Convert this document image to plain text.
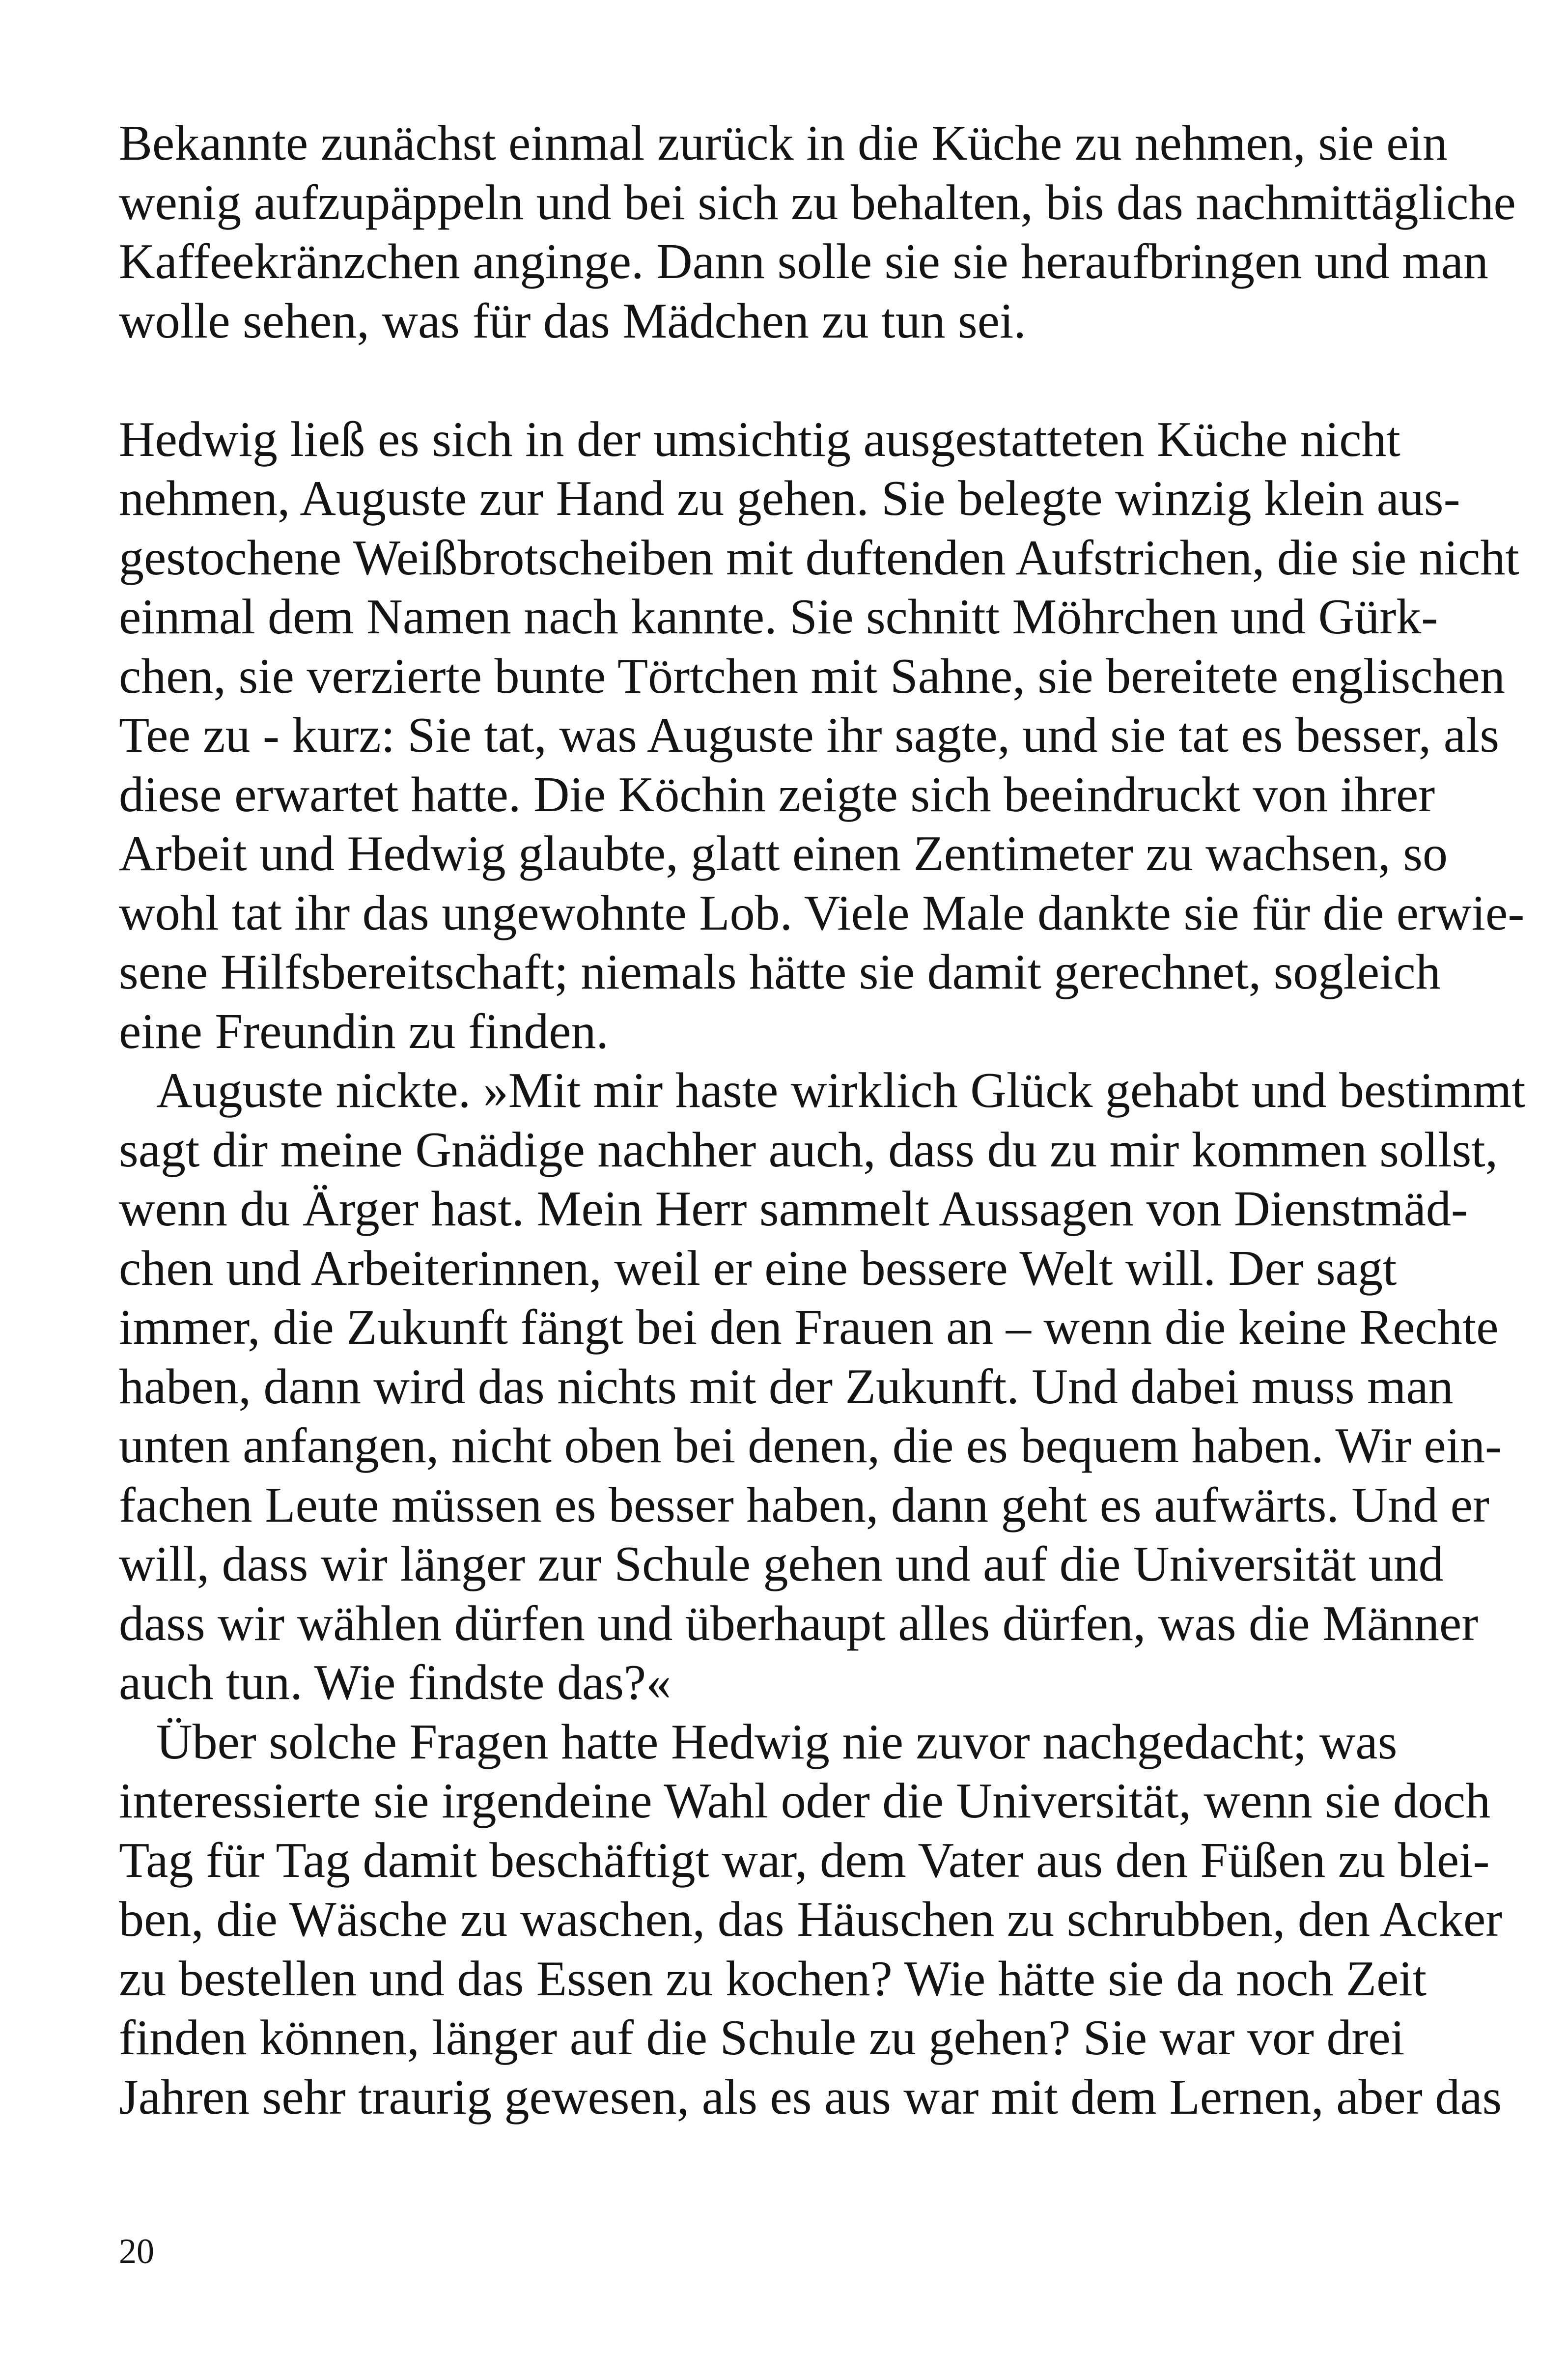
Bekannte zunächst einmal zurück in die Küche zu nehmen, sie ein
wenig aufzupäppeln und bei sich zu behalten, bis das nachmittägliche
Kaffeekränzchen anginge. Dann solle sie sie heraufbringen und man
wolle sehen, was für das Mädchen zu tun sei.
Hedwig ließ es sich in der umsichtig ausgestatteten Küche nicht
nehmen, Auguste zur Hand zu gehen. Sie belegte winzig klein aus-
gestochene Weißbrotscheiben mit duftenden Aufstrichen, die sie nicht
einmal dem Namen nach kannte. Sie schnitt Möhrchen und Gürk-
chen, sie verzierte bunte Törtchen mit Sahne, sie bereitete englischen
Tee zu - kurz: Sie tat, was Auguste ihr sagte, und sie tat es besser, als
diese erwartet hatte. Die Köchin zeigte sich beeindruckt von ihrer
Arbeit und Hedwig glaubte, glatt einen Zentimeter zu wachsen, so
wohl tat ihr das ungewohnte Lob. Viele Male dankte sie für die erwie-
sene Hilfsbereitschaft; niemals hätte sie damit gerechnet, sogleich
eine Freundin zu finden.
Auguste nickte. »Mit mir haste wirklich Glück gehabt und bestimmt
sagt dir meine Gnädige nachher auch, dass du zu mir kommen sollst,
wenn du Ärger hast. Mein Herr sammelt Aussagen von Dienstmäd-
chen und Arbeiterinnen, weil er eine bessere Welt will. Der sagt
immer, die Zukunft fängt bei den Frauen an – wenn die keine Rechte
haben, dann wird das nichts mit der Zukunft. Und dabei muss man
unten anfangen, nicht oben bei denen, die es bequem haben. Wir ein-
fachen Leute müssen es besser haben, dann geht es aufwärts. Und er
will, dass wir länger zur Schule gehen und auf die Universität und
dass wir wählen dürfen und überhaupt alles dürfen, was die Männer
auch tun. Wie findste das?«
Über solche Fragen hatte Hedwig nie zuvor nachgedacht; was
interessierte sie irgendeine Wahl oder die Universität, wenn sie doch
Tag für Tag damit beschäftigt war, dem Vater aus den Füßen zu blei-
ben, die Wäsche zu waschen, das Häuschen zu schrubben, den Acker
zu bestellen und das Essen zu kochen? Wie hätte sie da noch Zeit
finden können, länger auf die Schule zu gehen? Sie war vor drei
Jahren sehr traurig gewesen, als es aus war mit dem Lernen, aber das
20
